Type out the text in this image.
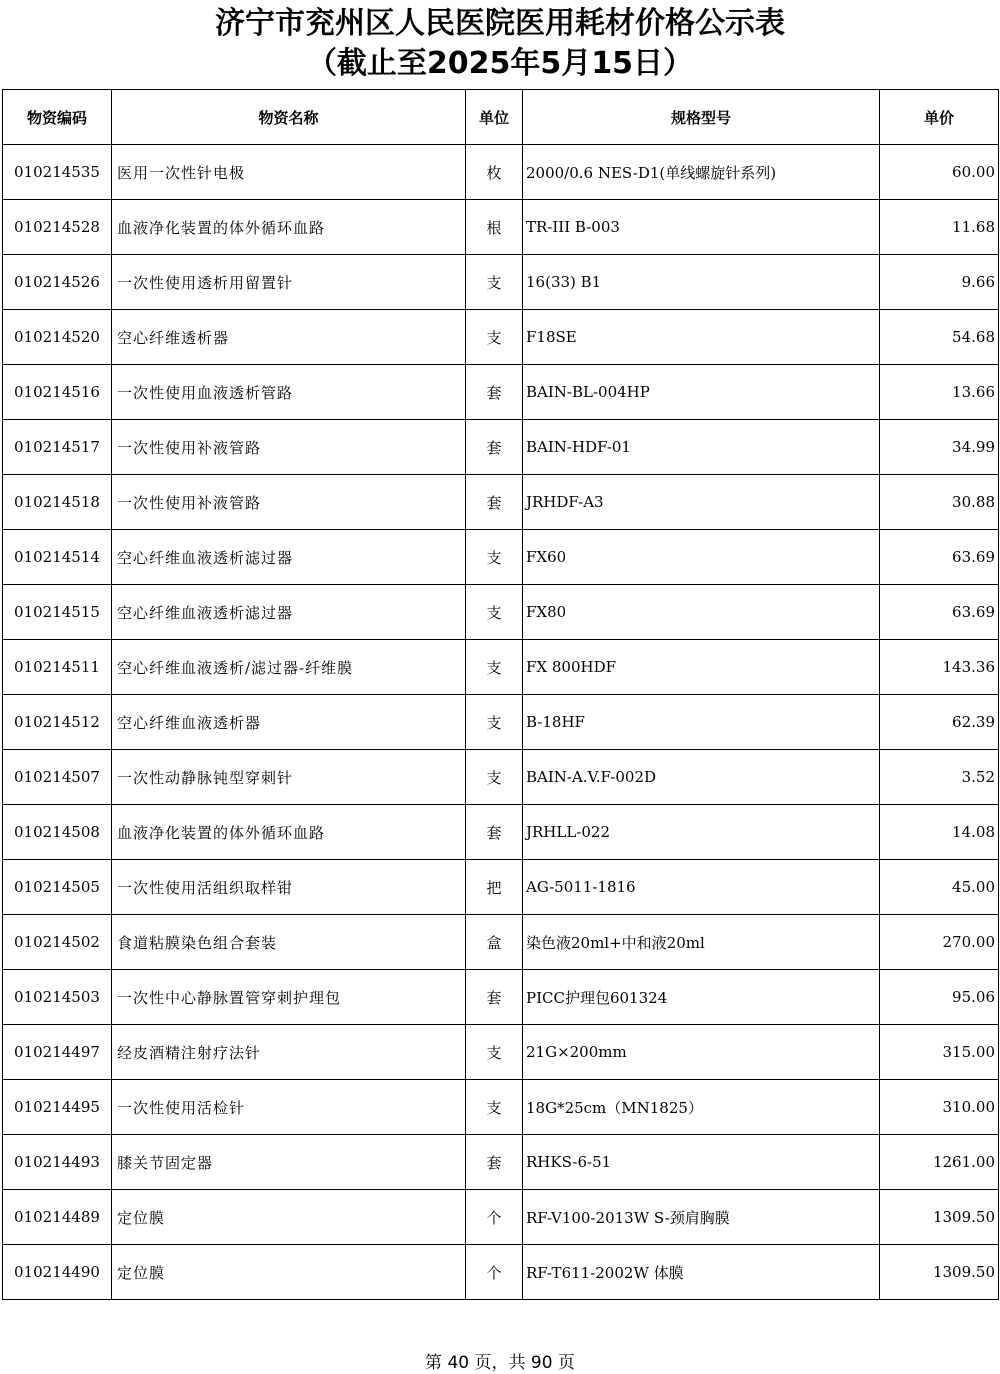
济宁市兖州区人民医院医用耗材价格公示表
（截止至2025年5月15日）
物资编码	物资名称	单位	规格型号	单价
010214535	医用一次性针电极	枚	2000/0.6 NES-D1(单线螺旋针系列)	60.00
010214528	血液净化装置的体外循环血路	根	TR-III B-003	11.68
010214526	一次性使用透析用留置针	支	16(33) B1	9.66
010214520	空心纤维透析器	支	F18SE	54.68
010214516	一次性使用血液透析管路	套	BAIN-BL-004HP	13.66
010214517	一次性使用补液管路	套	BAIN-HDF-01	34.99
010214518	一次性使用补液管路	套	JRHDF-A3	30.88
010214514	空心纤维血液透析滤过器	支	FX60	63.69
010214515	空心纤维血液透析滤过器	支	FX80	63.69
010214511	空心纤维血液透析/滤过器-纤维膜	支	FX 800HDF	143.36
010214512	空心纤维血液透析器	支	B-18HF	62.39
010214507	一次性动静脉钝型穿刺针	支	BAIN-A.V.F-002D	3.52
010214508	血液净化装置的体外循环血路	套	JRHLL-022	14.08
010214505	一次性使用活组织取样钳	把	AG-5011-1816	45.00
010214502	食道粘膜染色组合套装	盒	染色液20ml+中和液20ml	270.00
010214503	一次性中心静脉置管穿刺护理包	套	PICC护理包601324	95.06
010214497	经皮酒精注射疗法针	支	21G×200mm	315.00
010214495	一次性使用活检针	支	18G*25cm（MN1825）	310.00
010214493	膝关节固定器	套	RHKS-6-51	1261.00
010214489	定位膜	个	RF-V100-2013W S-颈肩胸膜	1309.50
010214490	定位膜	个	RF-T611-2002W 体膜	1309.50
第 40 页，共 90 页
